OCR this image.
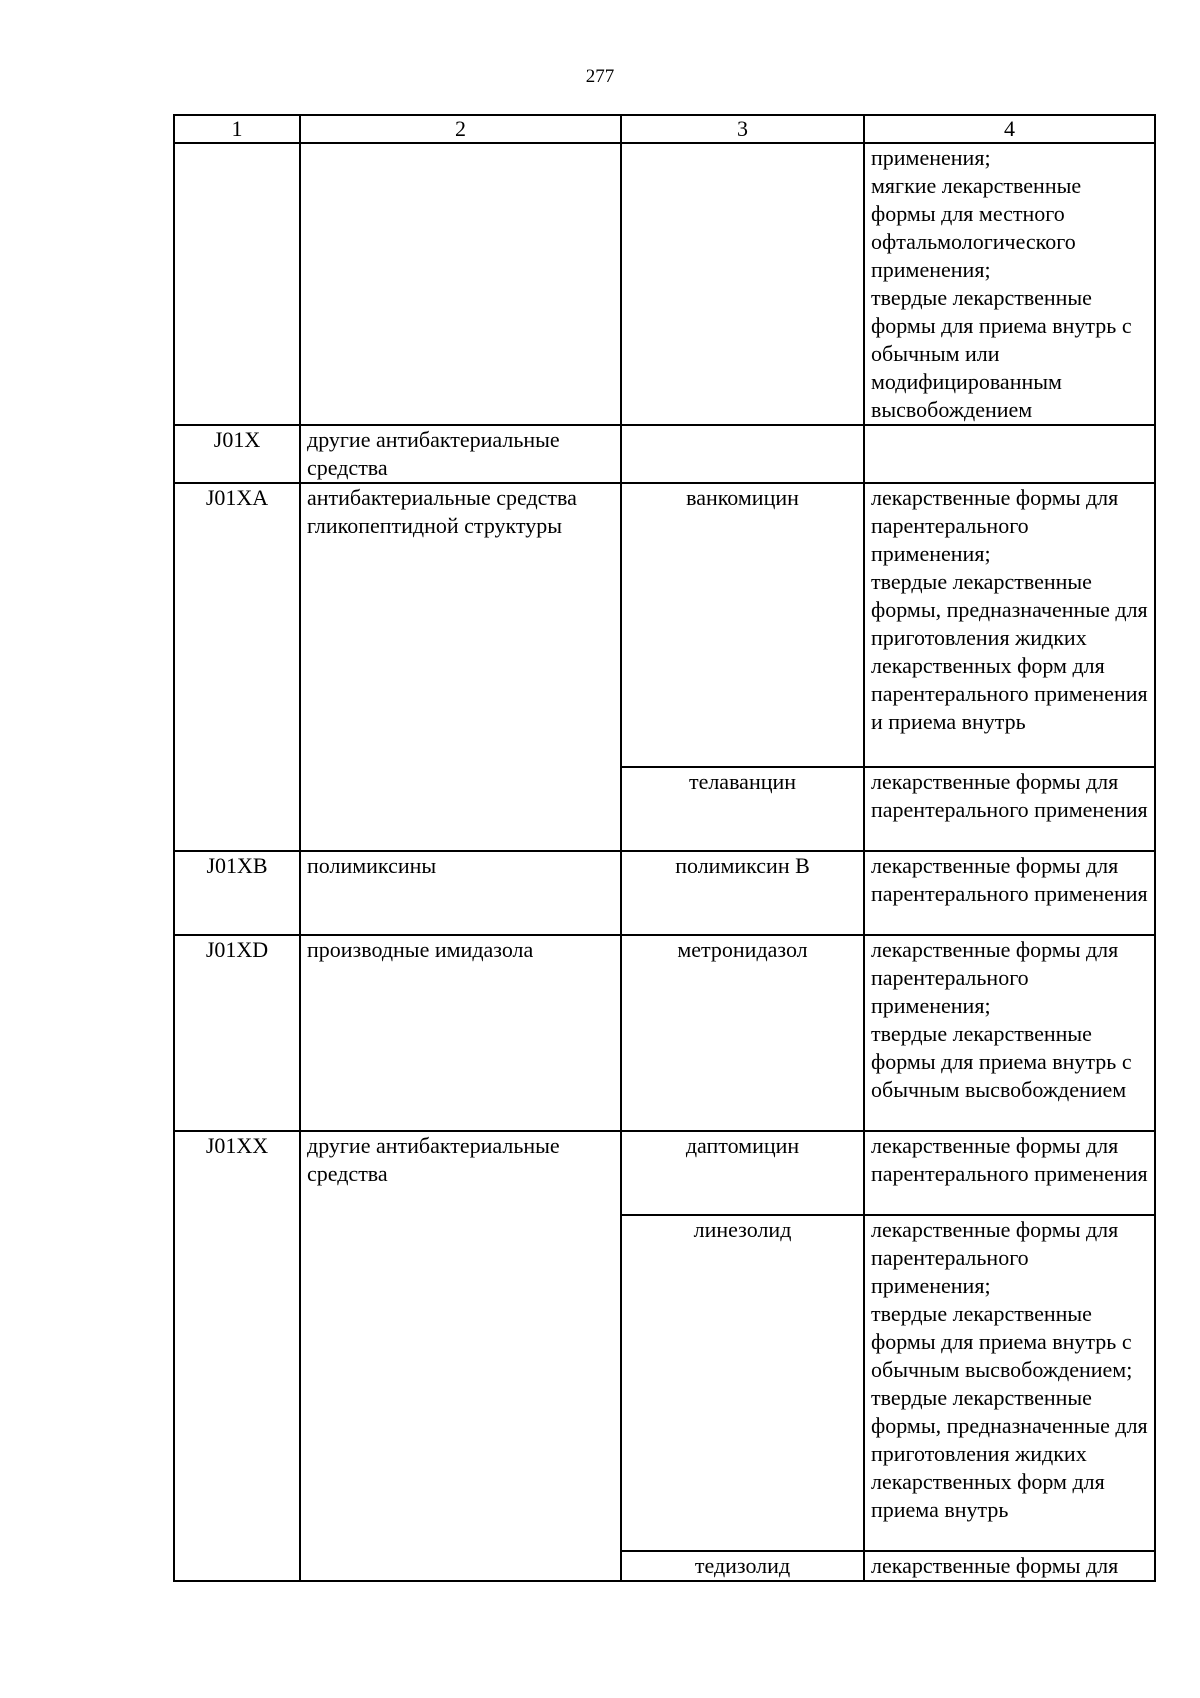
277
1	2	3	4
			применения;
мягкие лекарственные формы для местного офтальмологического применения;
твердые лекарственные формы для приема внутрь с обычным или модифицированным высвобождением
J01X	другие антибактериальные средства		
J01XA	антибактериальные средства гликопептидной структуры	ванкомицин	лекарственные формы для парентерального применения;
твердые лекарственные формы, предназначенные для приготовления жидких лекарственных форм для парентерального применения и приема внутрь
		телаванцин	лекарственные формы для парентерального применения
J01XB	полимиксины	полимиксин B	лекарственные формы для парентерального применения
J01XD	производные имидазола	метронидазол	лекарственные формы для парентерального применения;
твердые лекарственные формы для приема внутрь с обычным высвобождением
J01XX	другие антибактериальные средства	даптомицин	лекарственные формы для парентерального применения
		линезолид	лекарственные формы для парентерального применения;
твердые лекарственные формы для приема внутрь с обычным высвобождением;
твердые лекарственные формы, предназначенные для приготовления жидких лекарственных форм для приема внутрь
		тедизолид	лекарственные формы для
